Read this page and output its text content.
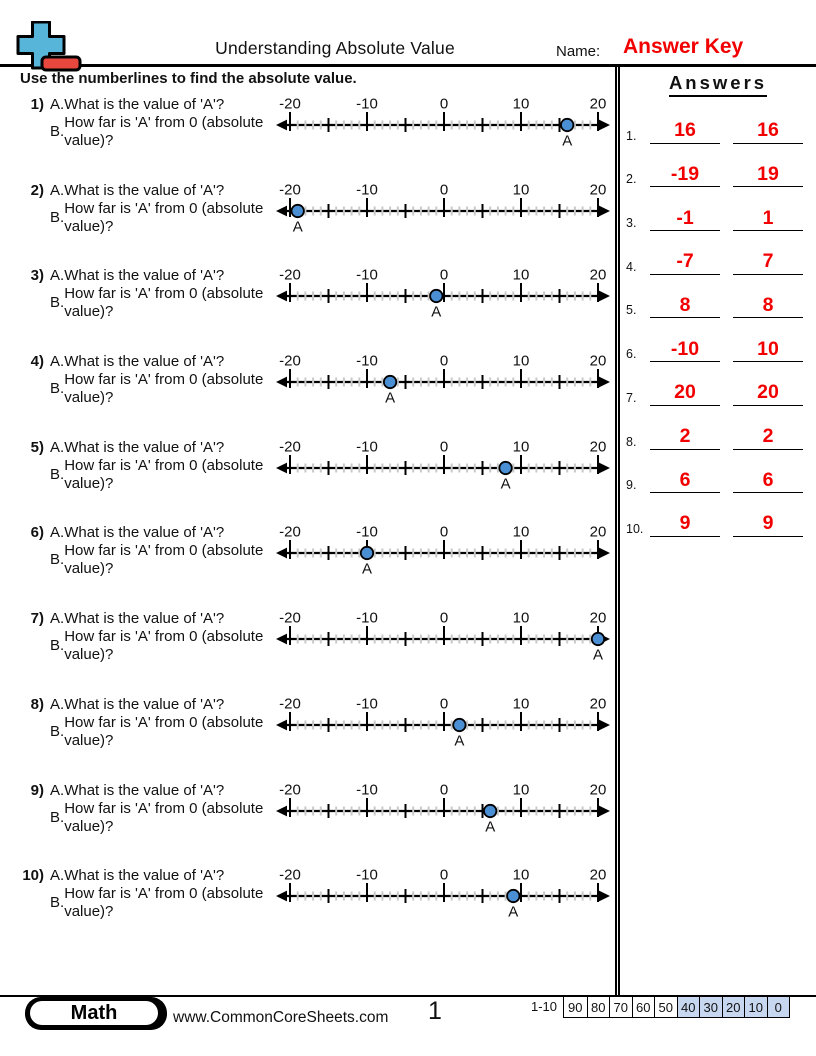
Understanding Absolute Value	Name: Answer Key
Use the numberlines to find the absolute value.
1) A. What is the value of 'A'?
B.
How far is 'A' from 0 (absolute value)?
-20	-10	0	10	20
A
2) A. What is the value of 'A'?
B.
How far is 'A' from 0 (absolute value)?
-20	-10	0	10	20
A
3) A. What is the value of 'A'?
B.
How far is 'A' from 0 (absolute value)?
-20	-10	0	10	20
A
4) A. What is the value of 'A'?
B.
How far is 'A' from 0 (absolute value)?
-20	-10	0	10	20
A
5) A. What is the value of 'A'?
B.
How far is 'A' from 0 (absolute value)?
-20	-10	0	10	20
A
6) A. What is the value of 'A'?
B.
How far is 'A' from 0 (absolute value)?
-20	-10	0	10	20
A
7) A. What is the value of 'A'?
B.
How far is 'A' from 0 (absolute value)?
-20	-10	0	10	20
A
8) A. What is the value of 'A'?
B.
How far is 'A' from 0 (absolute value)?
-20	-10	0	10	20
A
9) A. What is the value of 'A'?
B.
How far is 'A' from 0 (absolute value)?
-20	-10	0	10	20
A
10) A. What is the value of 'A'?
B.
How far is 'A' from 0 (absolute value)?
-20	-10	0	10	20
A
Answers
1.	16	16
2.	-19	19
3.	-1	1
4.	-7	7
5.	8	8
6.	-10	10
7.	20	20
8.	2	2
9.	6	6
10.	9	9
Math	www.CommonCoreSheets.com	1	1-10 90 80 70 60 50 40 30 20 10 0
